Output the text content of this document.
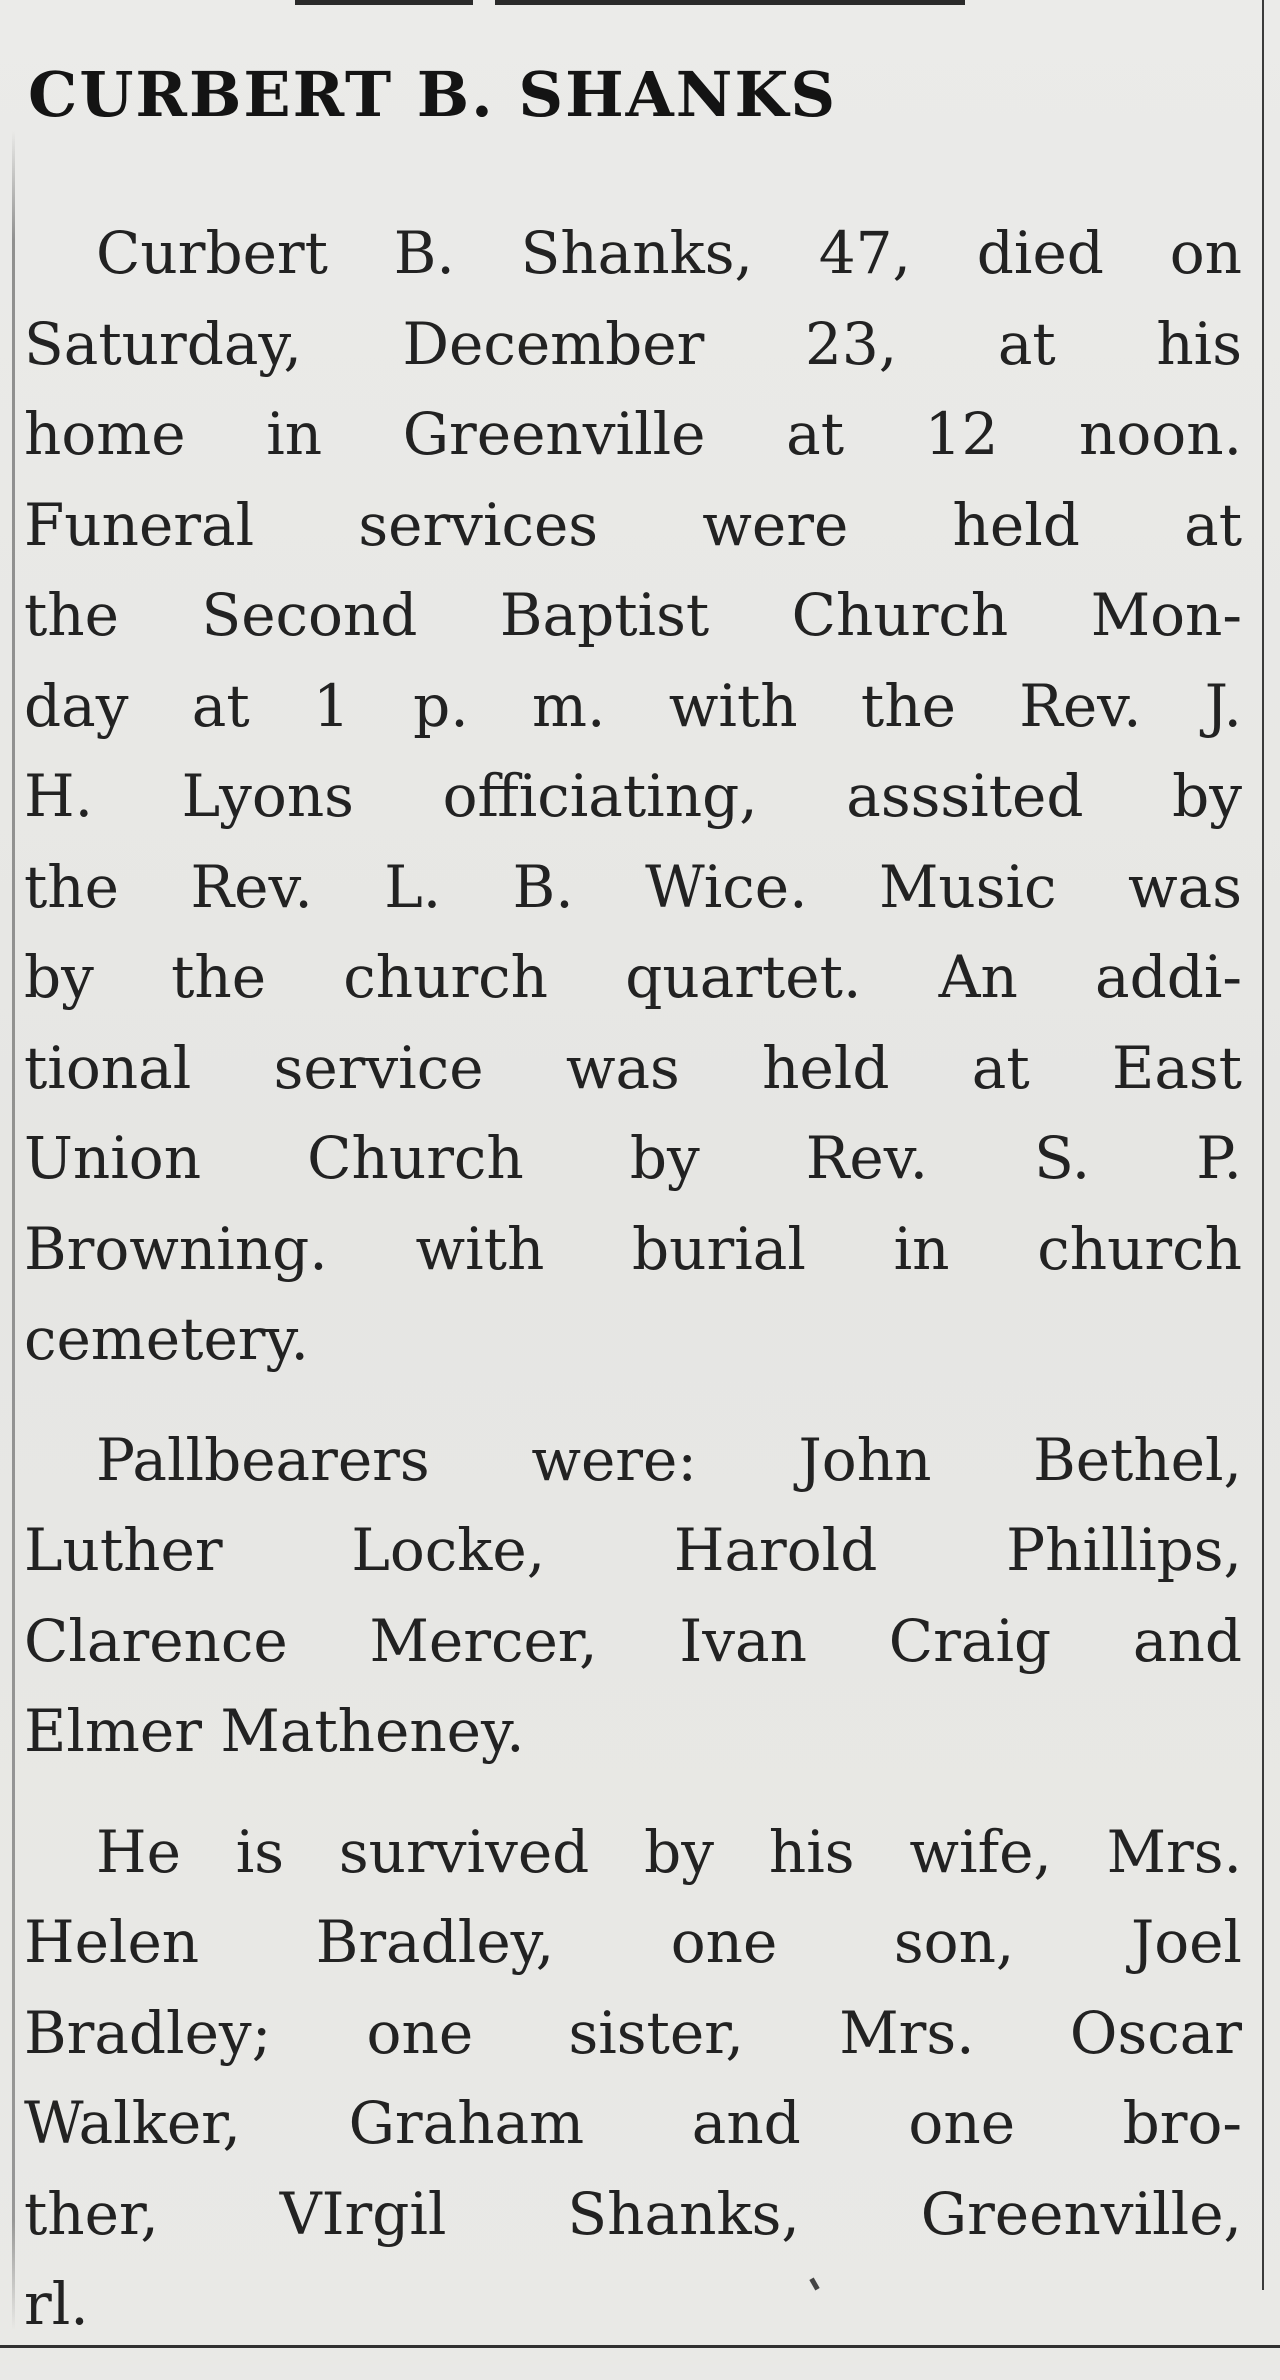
CURBERT B. SHANKS

Curbert B. Shanks, 47, died on
Saturday, December 23, at his
home in Greenville at 12 noon.
Funeral services were held at
the Second Baptist Church Mon-
day at 1 p. m. with the Rev. J.
H. Lyons officiating, asssited by
the Rev. L. B. Wice. Music was
by the church quartet. An addi-
tional service was held at East
Union Church by Rev. S. P.
Browning. with burial in church
cemetery.

Pallbearers were: John Bethel,
Luther Locke, Harold Phillips,
Clarence Mercer, Ivan Craig and
Elmer Matheney.

He is survived by his wife, Mrs.
Helen Bradley, one son, Joel
Bradley; one sister, Mrs. Oscar
Walker, Graham and one bro-
ther, VIrgil Shanks, Greenville,
rl.
